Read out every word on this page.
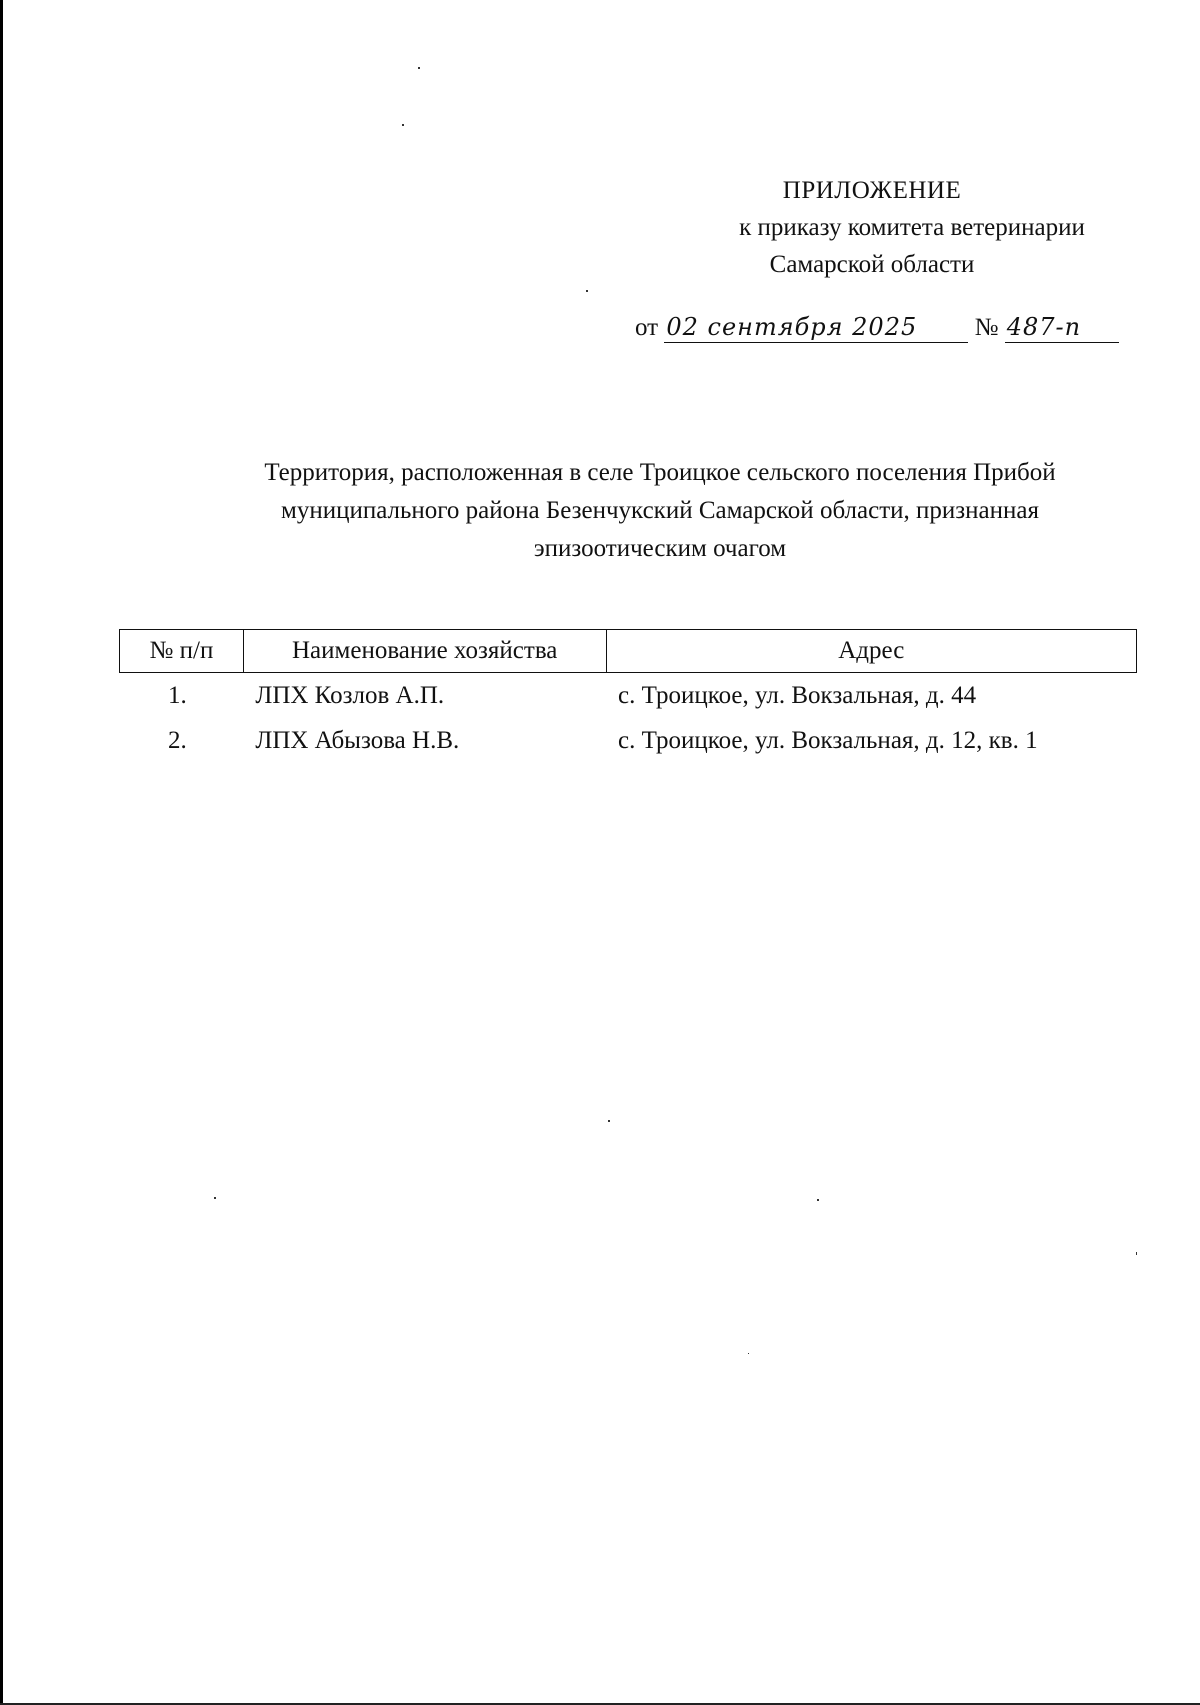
ПРИЛОЖЕНИЕ
к приказу комитета ветеринарии
Самарской области
от 02 сентября 2025 № 487-п
Территория, расположенная в селе Троицкое сельского поселения Прибой
муниципального района Безенчукский Самарской области, признанная
эпизоотическим очагом
№ п/п	Наименование хозяйства	Адрес
1.	ЛПХ Козлов А.П.	с. Троицкое, ул. Вокзальная, д. 44
2.	ЛПХ Абызова Н.В.	с. Троицкое, ул. Вокзальная, д. 12, кв. 1
